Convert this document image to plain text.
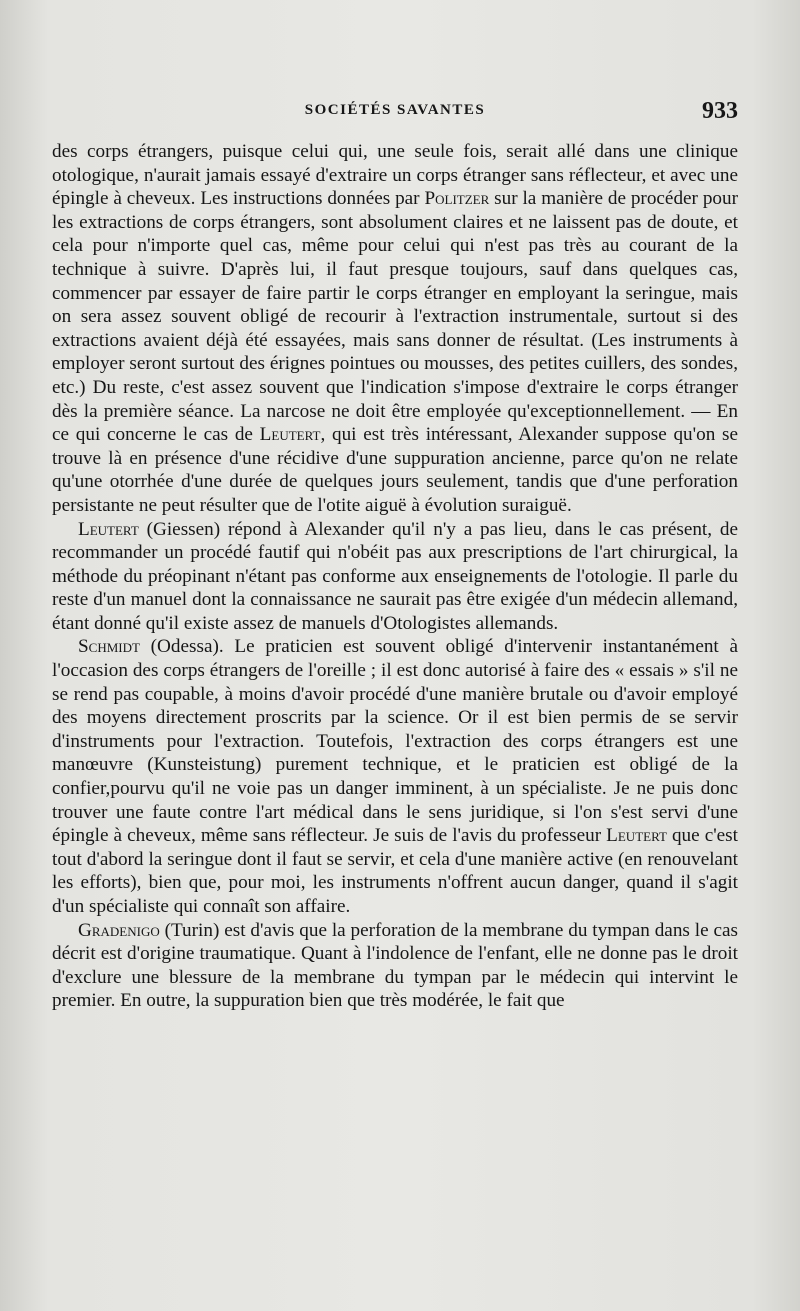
SOCIÉTÉS SAVANTES	933

des corps étrangers, puisque celui qui, une seule fois, serait allé dans une clinique otologique, n'aurait jamais essayé d'extraire un corps étranger sans réflecteur, et avec une épingle à cheveux. Les instructions données par Politzer sur la manière de procéder pour les extractions de corps étrangers, sont absolument claires et ne laissent pas de doute, et cela pour n'importe quel cas, même pour celui qui n'est pas très au courant de la technique à suivre. D'après lui, il faut presque toujours, sauf dans quelques cas, commencer par essayer de faire partir le corps étranger en employant la seringue, mais on sera assez souvent obligé de recourir à l'extraction instrumentale, surtout si des extractions avaient déjà été essayées, mais sans donner de résultat. (Les instruments à employer seront surtout des érignes pointues ou mousses, des petites cuillers, des sondes, etc.) Du reste, c'est assez souvent que l'indication s'impose d'extraire le corps étranger dès la première séance. La narcose ne doit être employée qu'exceptionnellement. — En ce qui concerne le cas de Leutert, qui est très intéressant, Alexander suppose qu'on se trouve là en présence d'une récidive d'une suppuration ancienne, parce qu'on ne relate qu'une otorrhée d'une durée de quelques jours seulement, tandis que d'une perforation persistante ne peut résulter que de l'otite aiguë à évolution suraiguë.

Leutert (Giessen) répond à Alexander qu'il n'y a pas lieu, dans le cas présent, de recommander un procédé fautif qui n'obéit pas aux prescriptions de l'art chirurgical, la méthode du préopinant n'étant pas conforme aux enseignements de l'otologie. Il parle du reste d'un manuel dont la connaissance ne saurait pas être exigée d'un médecin allemand, étant donné qu'il existe assez de manuels d'Otologistes allemands.

Schmidt (Odessa). Le praticien est souvent obligé d'intervenir instantanément à l'occasion des corps étrangers de l'oreille ; il est donc autorisé à faire des « essais » s'il ne se rend pas coupable, à moins d'avoir procédé d'une manière brutale ou d'avoir employé des moyens directement proscrits par la science. Or il est bien permis de se servir d'instruments pour l'extraction. Toutefois, l'extraction des corps étrangers est une manœuvre (Kunsteistung) purement technique, et le praticien est obligé de la confier,pourvu qu'il ne voie pas un danger imminent, à un spécialiste. Je ne puis donc trouver une faute contre l'art médical dans le sens juridique, si l'on s'est servi d'une épingle à cheveux, même sans réflecteur. Je suis de l'avis du professeur Leutert que c'est tout d'abord la seringue dont il faut se servir, et cela d'une manière active (en renouvelant les efforts), bien que, pour moi, les instruments n'offrent aucun danger, quand il s'agit d'un spécialiste qui connaît son affaire.

Gradenigo (Turin) est d'avis que la perforation de la membrane du tympan dans le cas décrit est d'origine traumatique. Quant à l'indolence de l'enfant, elle ne donne pas le droit d'exclure une blessure de la membrane du tympan par le médecin qui intervint le premier. En outre, la suppuration bien que très modérée, le fait que
